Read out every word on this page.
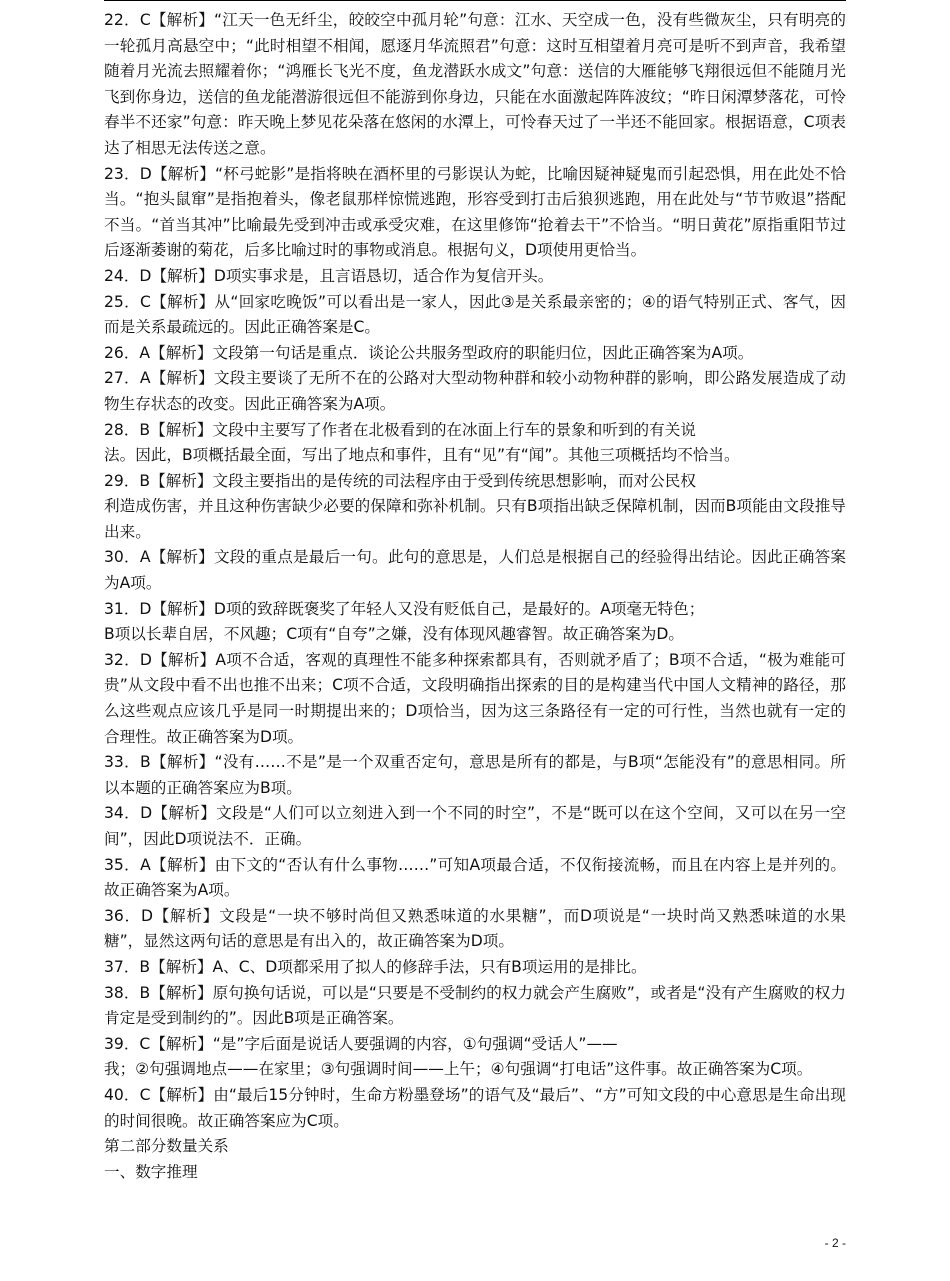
22．C【解析】“江天一色无纤尘，皎皎空中孤月轮”句意：江水、天空成一色，没有些微灰尘，只有明亮的一轮孤月高悬空中；“此时相望不相闻，愿逐月华流照君”句意：这时互相望着月亮可是听不到声音，我希望随着月光流去照耀着你；“鸿雁长飞光不度，鱼龙潜跃水成文”句意：送信的大雁能够飞翔很远但不能随月光飞到你身边，送信的鱼龙能潜游很远但不能游到你身边，只能在水面激起阵阵波纹；“昨日闲潭梦落花，可怜春半不还家”句意：昨天晚上梦见花朵落在悠闲的水潭上，可怜春天过了一半还不能回家。根据语意，C项表达了相思无法传送之意。

23．D【解析】“杯弓蛇影”是指将映在酒杯里的弓影误认为蛇，比喻因疑神疑鬼而引起恐惧，用在此处不恰当。“抱头鼠窜”是指抱着头，像老鼠那样惊慌逃跑，形容受到打击后狼狈逃跑，用在此处与“节节败退”搭配不当。“首当其冲”比喻最先受到冲击或承受灾难，在这里修饰“抢着去干”不恰当。“明日黄花”原指重阳节过后逐渐萎谢的菊花，后多比喻过时的事物或消息。根据句义，D项使用更恰当。

24．D【解析】D项实事求是，且言语恳切，适合作为复信开头。

25．C【解析】从“回家吃晚饭”可以看出是一家人，因此③是关系最亲密的；④的语气特别正式、客气，因而是关系最疏远的。因此正确答案是C。

26．A【解析】文段第一句话是重点．谈论公共服务型政府的职能归位，因此正确答案为A项。

27．A【解析】文段主要谈了无所不在的公路对大型动物种群和较小动物种群的影响，即公路发展造成了动物生存状态的改变。因此正确答案为A项。

28．B【解析】文段中主要写了作者在北极看到的在冰面上行车的景象和听到的有关说

法。因此，B项概括最全面，写出了地点和事件，且有“见”有“闻”。其他三项概括均不恰当。

29．B【解析】文段主要指出的是传统的司法程序由于受到传统思想影响，而对公民权

利造成伤害，并且这种伤害缺少必要的保障和弥补机制。只有B项指出缺乏保障机制，因而B项能由文段推导出来。

30．A【解析】文段的重点是最后一句。此句的意思是，人们总是根据自己的经验得出结论。因此正确答案为A项。

31．D【解析】D项的致辞既褒奖了年轻人又没有贬低自己，是最好的。A项毫无特色；

B项以长辈自居，不风趣；C项有“自夸”之嫌，没有体现风趣睿智。故正确答案为D。

32．D【解析】A项不合适，客观的真理性不能多种探索都具有，否则就矛盾了；B项不合适，“极为难能可贵”从文段中看不出也推不出来；C项不合适，文段明确指出探索的目的是构建当代中国人文精神的路径，那么这些观点应该几乎是同一时期提出来的；D项恰当，因为这三条路径有一定的可行性，当然也就有一定的合理性。故正确答案为D项。

33．B【解析】“没有……不是”是一个双重否定句，意思是所有的都是，与B项“怎能没有”的意思相同。所以本题的正确答案应为B项。

34．D【解析】文段是“人们可以立刻进入到一个不同的时空”，不是“既可以在这个空间，又可以在另一空间”，因此D项说法不．正确。

35．A【解析】由下文的“否认有什么事物……”可知A项最合适，不仅衔接流畅，而且在内容上是并列的。故正确答案为A项。

36．D【解析】文段是“一块不够时尚但又熟悉味道的水果糖”，而D项说是“一块时尚又熟悉味道的水果糖”，显然这两句话的意思是有出入的，故正确答案为D项。

37．B【解析】A、C、D项都采用了拟人的修辞手法，只有B项运用的是排比。

38．B【解析】原句换句话说，可以是“只要是不受制约的权力就会产生腐败”，或者是“没有产生腐败的权力肯定是受到制约的”。因此B项是正确答案。

39．C【解析】“是”字后面是说话人要强调的内容，①句强调“受话人”——

我；②句强调地点——在家里；③句强调时间——上午；④句强调“打电话”这件事。故正确答案为C项。

40．C【解析】由“最后15分钟时，生命方粉墨登场”的语气及“最后”、“方”可知文段的中心意思是生命出现的时间很晚。故正确答案应为C项。

第二部分数量关系

一、数字推理

- 2 -
